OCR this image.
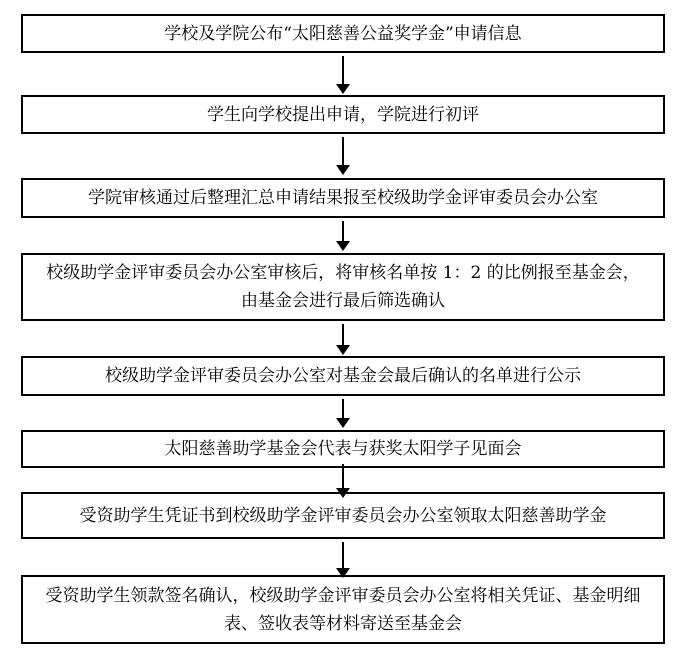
学校及学院公布“太阳慈善公益奖学金”申请信息
学生向学校提出申请，学院进行初评
学院审核通过后整理汇总申请结果报至校级助学金评审委员会办公室
校级助学金评审委员会办公室审核后，将审核名单按 1：2 的比例报至基金会，
由基金会进行最后筛选确认
校级助学金评审委员会办公室对基金会最后确认的名单进行公示
太阳慈善助学基金会代表与获奖太阳学子见面会
受资助学生凭证书到校级助学金评审委员会办公室领取太阳慈善助学金
受资助学生领款签名确认，校级助学金评审委员会办公室将相关凭证、基金明细
表、签收表等材料寄送至基金会
